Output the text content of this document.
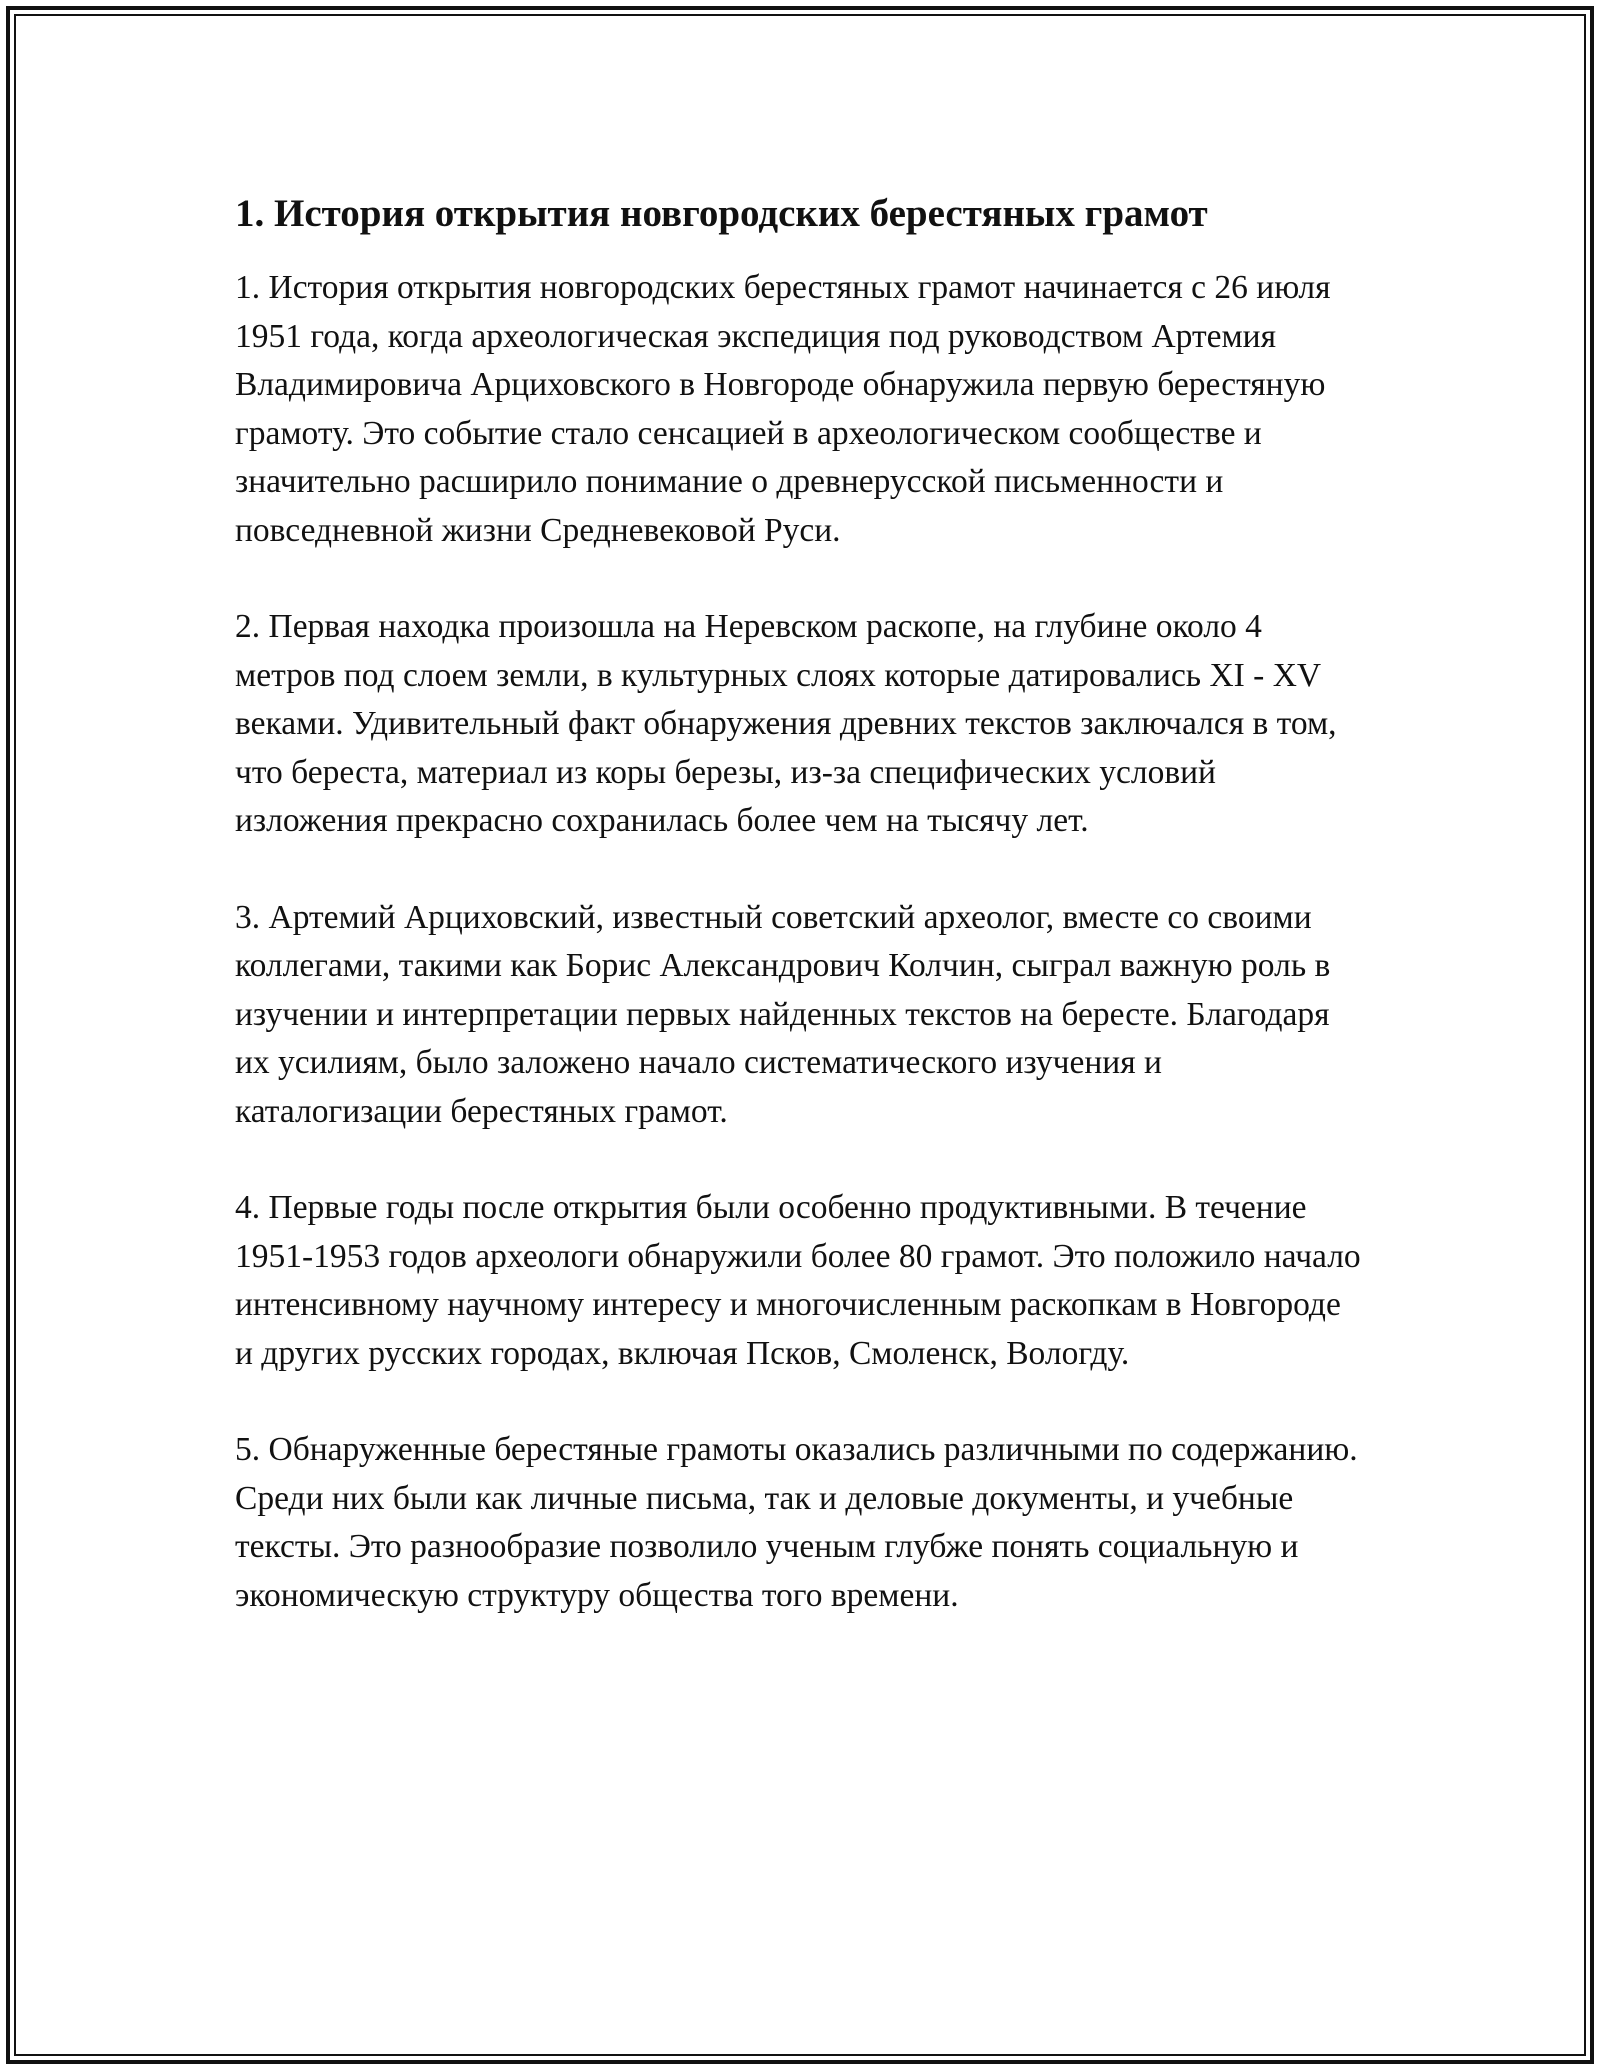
1. История открытия новгородских берестяных грамот

1. История открытия новгородских берестяных грамот начинается с 26 июля 1951 года, когда археологическая экспедиция под руководством Артемия Владимировича Арциховского в Новгороде обнаружила первую берестяную грамоту. Это событие стало сенсацией в археологическом сообществе и значительно расширило понимание о древнерусской письменности и повседневной жизни Средневековой Руси.

2. Первая находка произошла на Неревском раскопе, на глубине около 4 метров под слоем земли, в культурных слоях которые датировались XI - XV веками. Удивительный факт обнаружения древних текстов заключался в том, что береста, материал из коры березы, из-за специфических условий изложения прекрасно сохранилась более чем на тысячу лет.

3. Артемий Арциховский, известный советский археолог, вместе со своими коллегами, такими как Борис Александрович Колчин, сыграл важную роль в изучении и интерпретации первых найденных текстов на бересте. Благодаря их усилиям, было заложено начало систематического изучения и каталогизации берестяных грамот.

4. Первые годы после открытия были особенно продуктивными. В течение 1951-1953 годов археологи обнаружили более 80 грамот. Это положило начало интенсивному научному интересу и многочисленным раскопкам в Новгороде и других русских городах, включая Псков, Смоленск, Вологду.

5. Обнаруженные берестяные грамоты оказались различными по содержанию. Среди них были как личные письма, так и деловые документы, и учебные тексты. Это разнообразие позволило ученым глубже понять социальную и экономическую структуру общества того времени.
